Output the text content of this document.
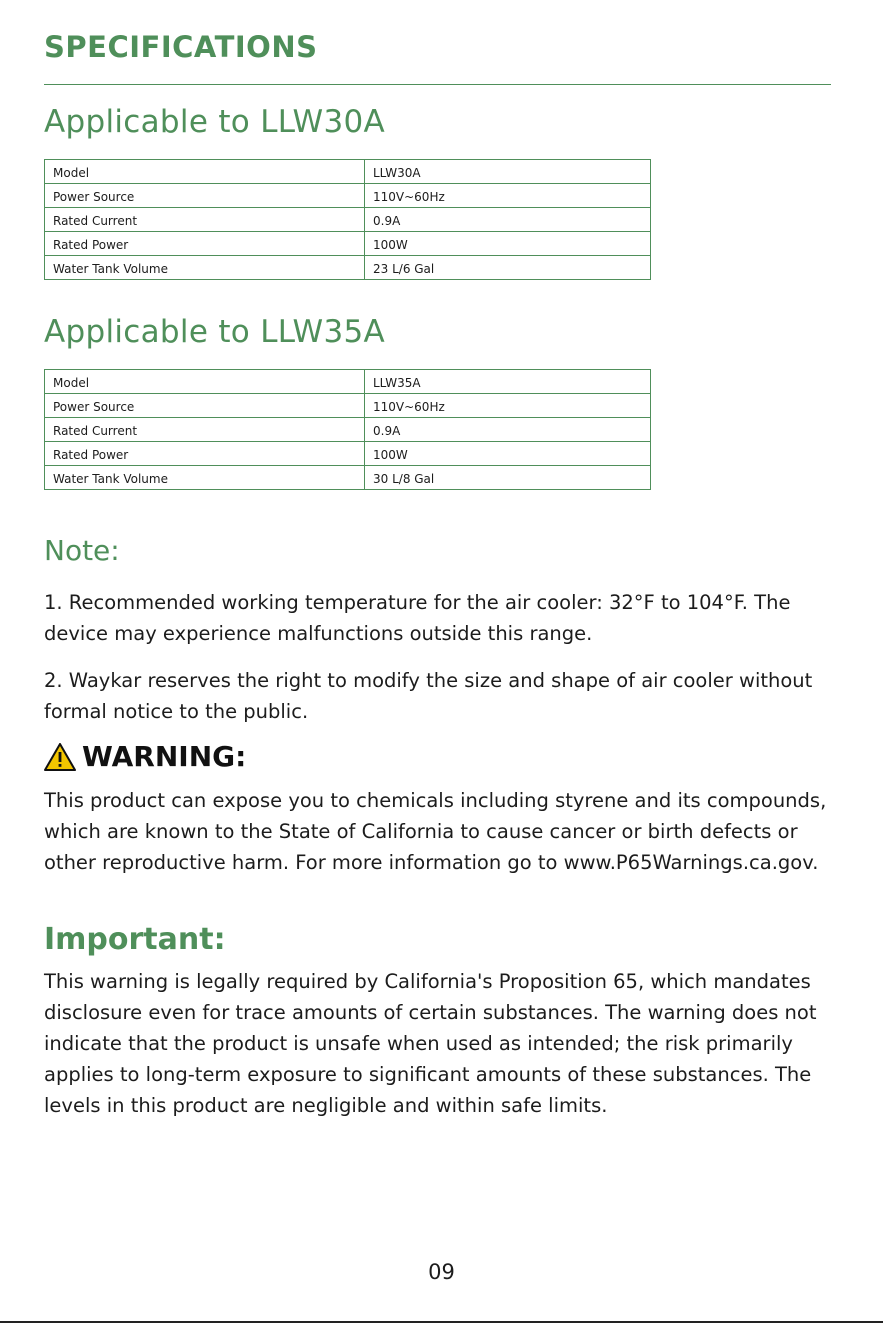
SPECIFICATIONS
Applicable to LLW30A
Model	LLW30A
Power Source	110V~60Hz
Rated Current	0.9A
Rated Power	100W
Water Tank Volume	23 L/6 Gal
Applicable to LLW35A
Model	LLW35A
Power Source	110V~60Hz
Rated Current	0.9A
Rated Power	100W
Water Tank Volume	30 L/8 Gal
Note:
1. Recommended working temperature for the air cooler: 32°F to 104°F. The device may experience malfunctions outside this range.
2. Waykar reserves the right to modify the size and shape of air cooler without formal notice to the public.
WARNING:
This product can expose you to chemicals including styrene and its compounds, which are known to the State of California to cause cancer or birth defects or other reproductive harm. For more information go to www.P65Warnings.ca.gov.
Important:
This warning is legally required by California's Proposition 65, which mandates disclosure even for trace amounts of certain substances. The warning does not indicate that the product is unsafe when used as intended; the risk primarily applies to long-term exposure to significant amounts of these substances. The levels in this product are negligible and within safe limits.
09
